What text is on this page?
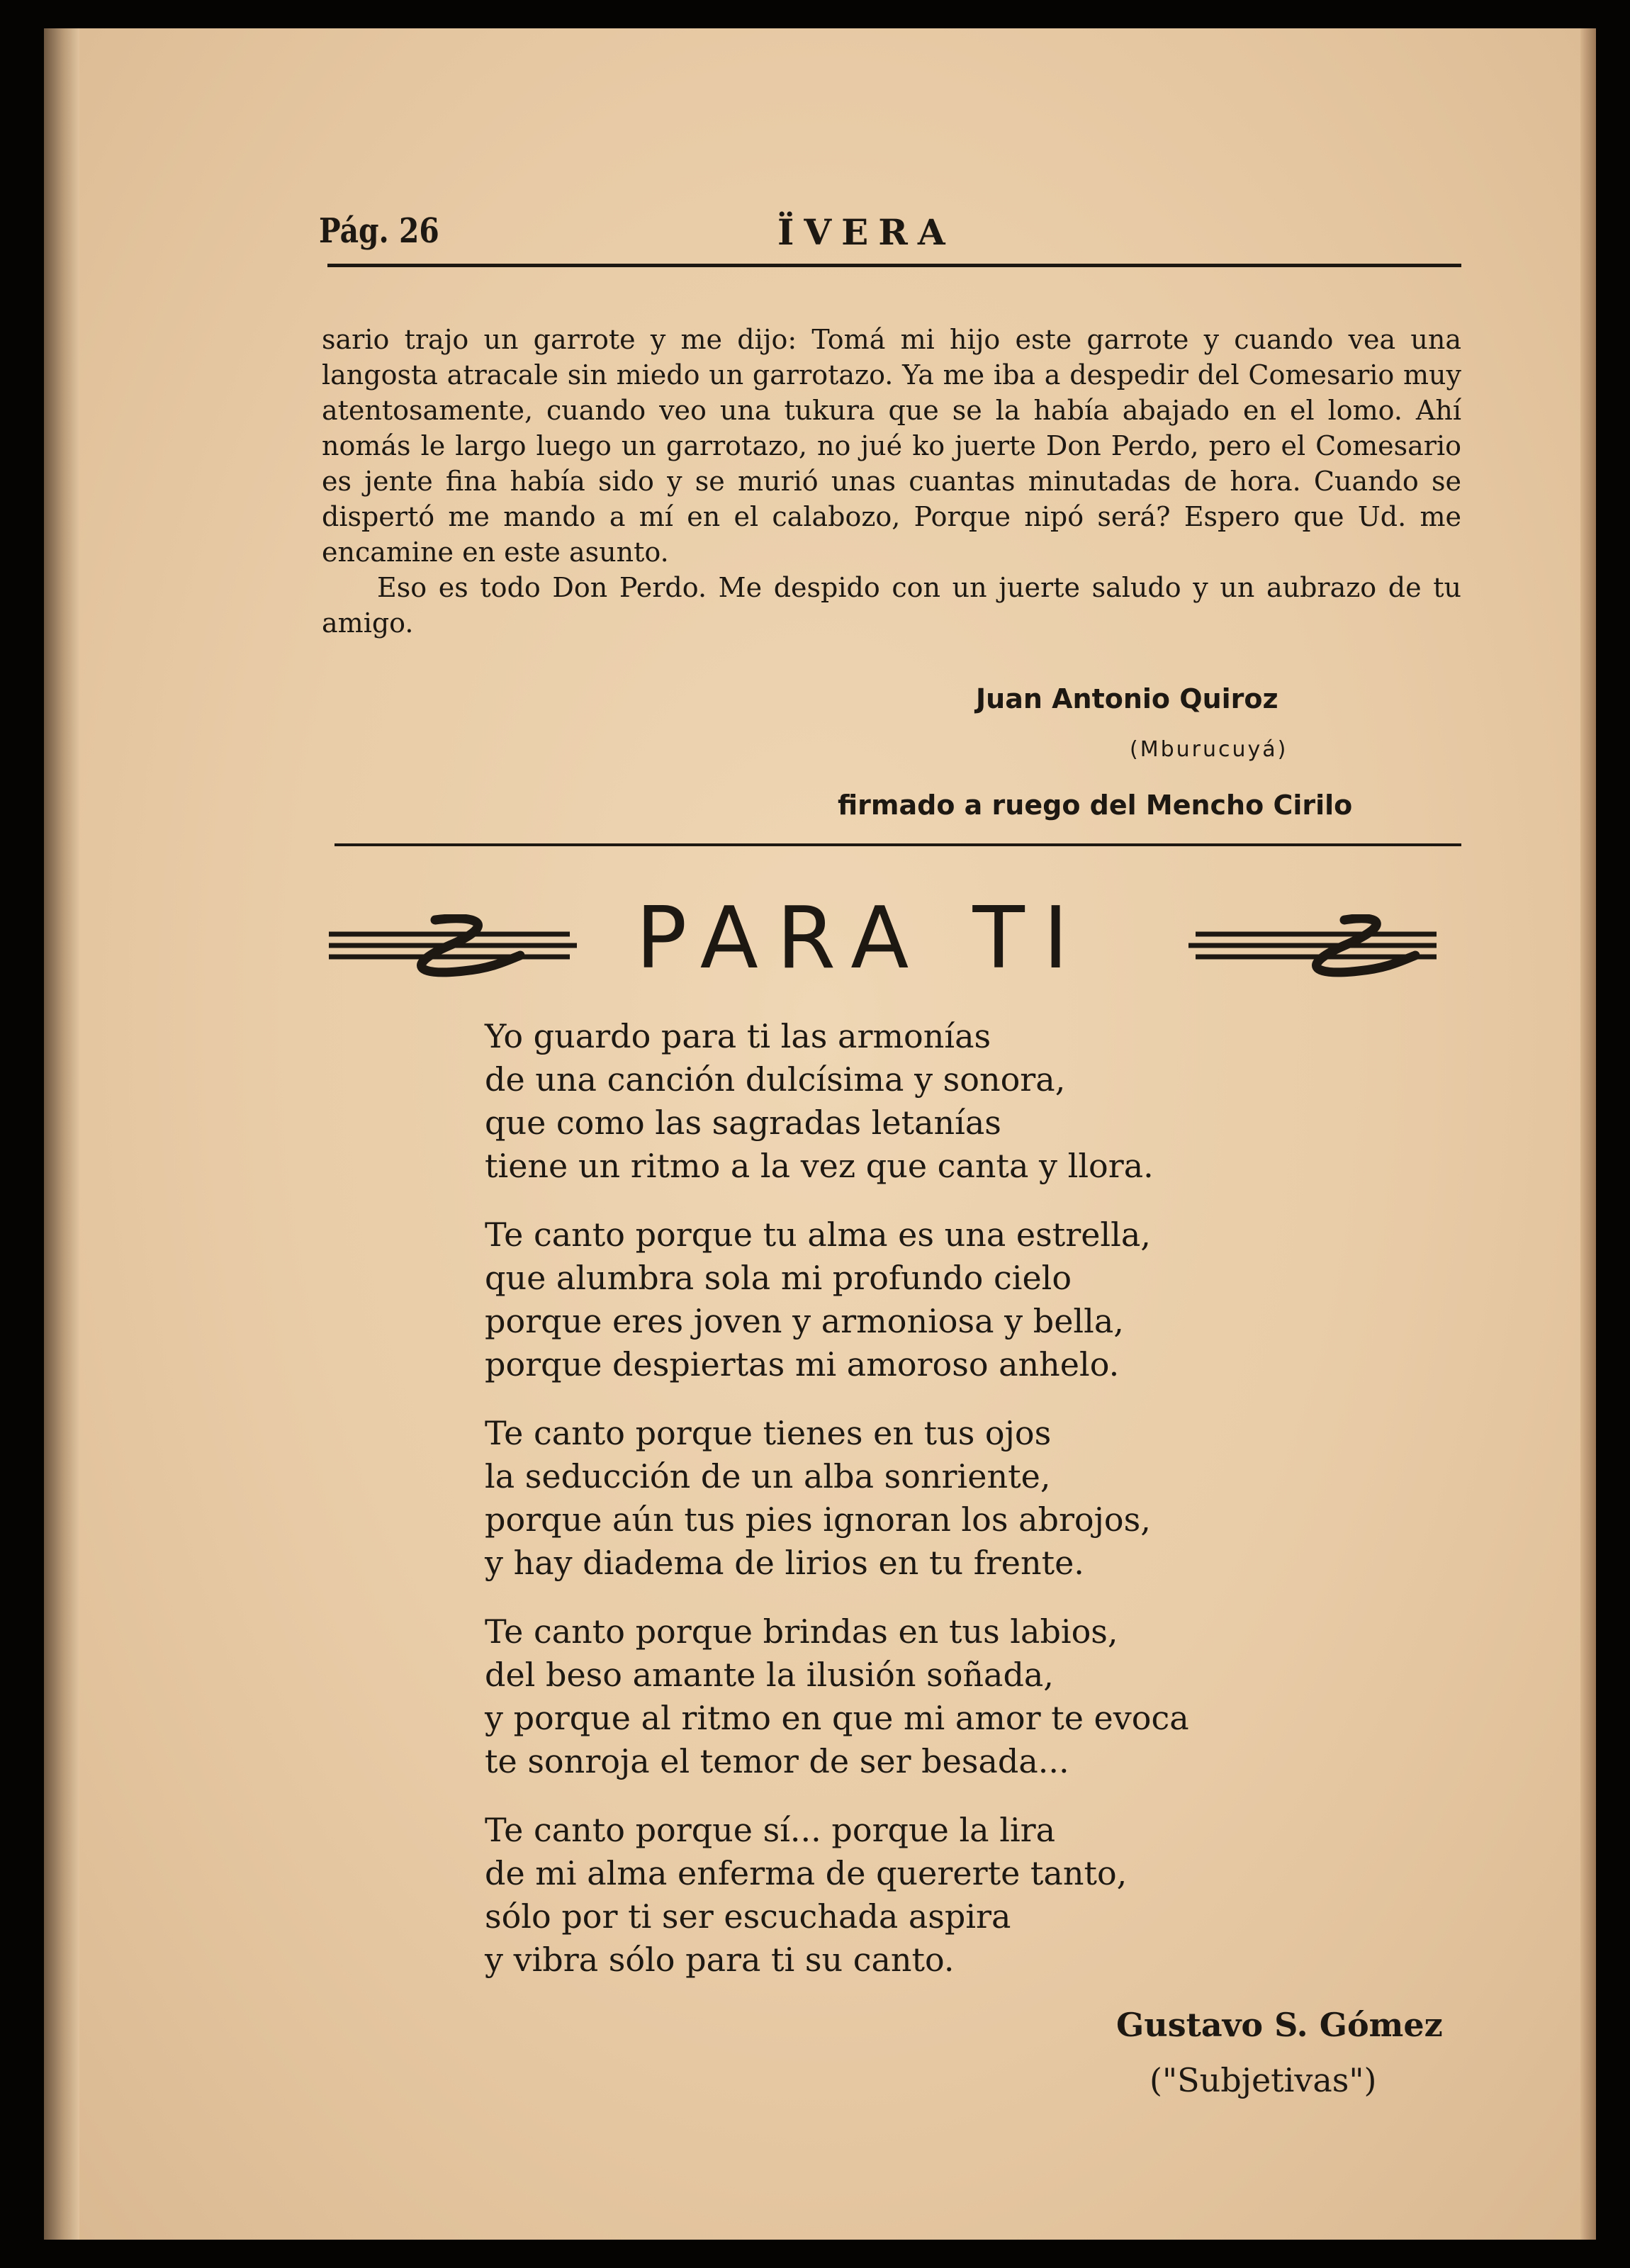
Pág. 26	ÏVERA

sario trajo un garrote y me dijo: Tomá mi hijo este garrote y cuando vea una langosta atracale sin miedo un garrotazo. Ya me iba a despedir del Comesario muy atentosamente, cuando veo una tukura que se la había abajado en el lomo. Ahí nomás le largo luego un garrotazo, no jué ko juerte Don Perdo, pero el Comesario es jente fina había sido y se murió unas cuantas minutadas de hora. Cuando se dispertó me mando a mí en el calabozo, Porque nipó será? Espero que Ud. me encamine en este asunto.

Eso es todo Don Perdo. Me despido con un juerte saludo y un aubrazo de tu amigo.

Juan Antonio Quiroz
(Mburucuyá)
firmado a ruego del Mencho Cirilo
PARA TI
Yo guardo para ti las armonías
de una canción dulcísima y sonora,
que como las sagradas letanías
tiene un ritmo a la vez que canta y llora.
Te canto porque tu alma es una estrella,
que alumbra sola mi profundo cielo
porque eres joven y armoniosa y bella,
porque despiertas mi amoroso anhelo.
Te canto porque tienes en tus ojos
la seducción de un alba sonriente,
porque aún tus pies ignoran los abrojos,
y hay diadema de lirios en tu frente.
Te canto porque brindas en tus labios,
del beso amante la ilusión soñada,
y porque al ritmo en que mi amor te evoca
te sonroja el temor de ser besada...
Te canto porque sí... porque la lira
de mi alma enferma de quererte tanto,
sólo por ti ser escuchada aspira
y vibra sólo para ti su canto.
Gustavo S. Gómez
("Subjetivas")
